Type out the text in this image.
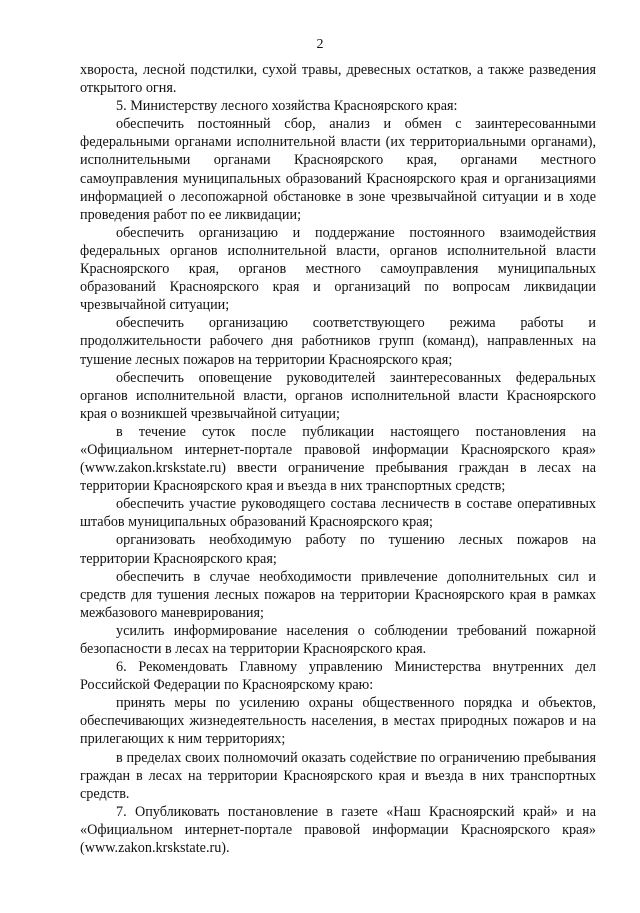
2

хвороста, лесной подстилки, сухой травы, древесных остатков, а также разведения открытого огня.

5. Министерству лесного хозяйства Красноярского края:

обеспечить постоянный сбор, анализ и обмен с заинтересованными федеральными органами исполнительной власти (их территориальными органами), исполнительными органами Красноярского края, органами местного самоуправления муниципальных образований Красноярского края и организациями информацией о лесопожарной обстановке в зоне чрезвычайной ситуации и в ходе проведения работ по ее ликвидации;

обеспечить организацию и поддержание постоянного взаимодействия федеральных органов исполнительной власти, органов исполнительной власти Красноярского края, органов местного самоуправления муниципальных образований Красноярского края и организаций по вопросам ликвидации чрезвычайной ситуации;

обеспечить организацию соответствующего режима работы и продолжительности рабочего дня работников групп (команд), направленных на тушение лесных пожаров на территории Красноярского края;

обеспечить оповещение руководителей заинтересованных федеральных органов исполнительной власти, органов исполнительной власти Красноярского края о возникшей чрезвычайной ситуации;

в течение суток после публикации настоящего постановления на «Официальном интернет-портале правовой информации Красноярского края» (www.zakon.krskstate.ru) ввести ограничение пребывания граждан в лесах на территории Красноярского края и въезда в них транспортных средств;

обеспечить участие руководящего состава лесничеств в составе оперативных штабов муниципальных образований Красноярского края;

организовать необходимую работу по тушению лесных пожаров на территории Красноярского края;

обеспечить в случае необходимости привлечение дополнительных сил и средств для тушения лесных пожаров на территории Красноярского края в рамках межбазового маневрирования;

усилить информирование населения о соблюдении требований пожарной безопасности в лесах на территории Красноярского края.

6. Рекомендовать Главному управлению Министерства внутренних дел Российской Федерации по Красноярскому краю:

принять меры по усилению охраны общественного порядка и объектов, обеспечивающих жизнедеятельность населения, в местах природных пожаров и на прилегающих к ним территориях;

в пределах своих полномочий оказать содействие по ограничению пребывания граждан в лесах на территории Красноярского края и въезда в них транспортных средств.

7. Опубликовать постановление в газете «Наш Красноярский край» и на «Официальном интернет-портале правовой информации Красноярского края» (www.zakon.krskstate.ru).
